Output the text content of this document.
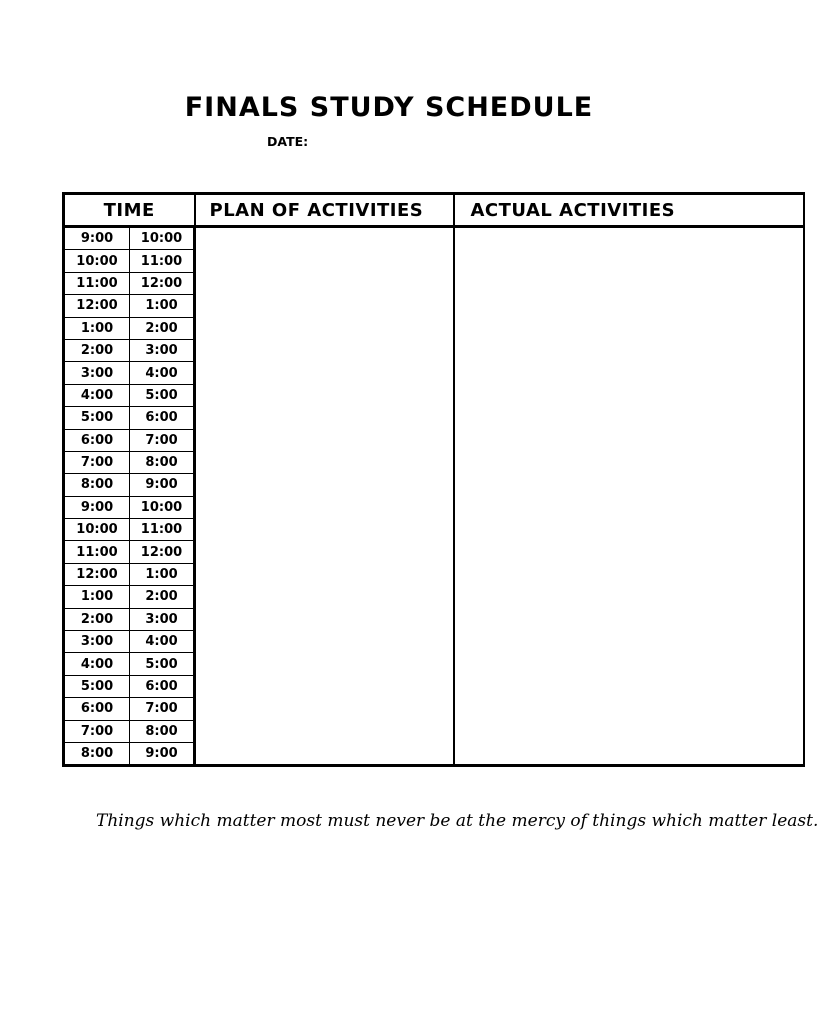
FINALS STUDY SCHEDULE
DATE:
TIME		PLAN OF ACTIVITIES	ACTUAL ACTIVITIES
9:00	10:00		
10:00	11:00		
11:00	12:00		
12:00	1:00		
1:00	2:00		
2:00	3:00		
3:00	4:00		
4:00	5:00		
5:00	6:00		
6:00	7:00		
7:00	8:00		
8:00	9:00		
9:00	10:00		
10:00	11:00		
11:00	12:00		
12:00	1:00		
1:00	2:00		
2:00	3:00		
3:00	4:00		
4:00	5:00		
5:00	6:00		
6:00	7:00		
7:00	8:00		
8:00	9:00		
Things which matter most must never be at the mercy of things which matter least.
